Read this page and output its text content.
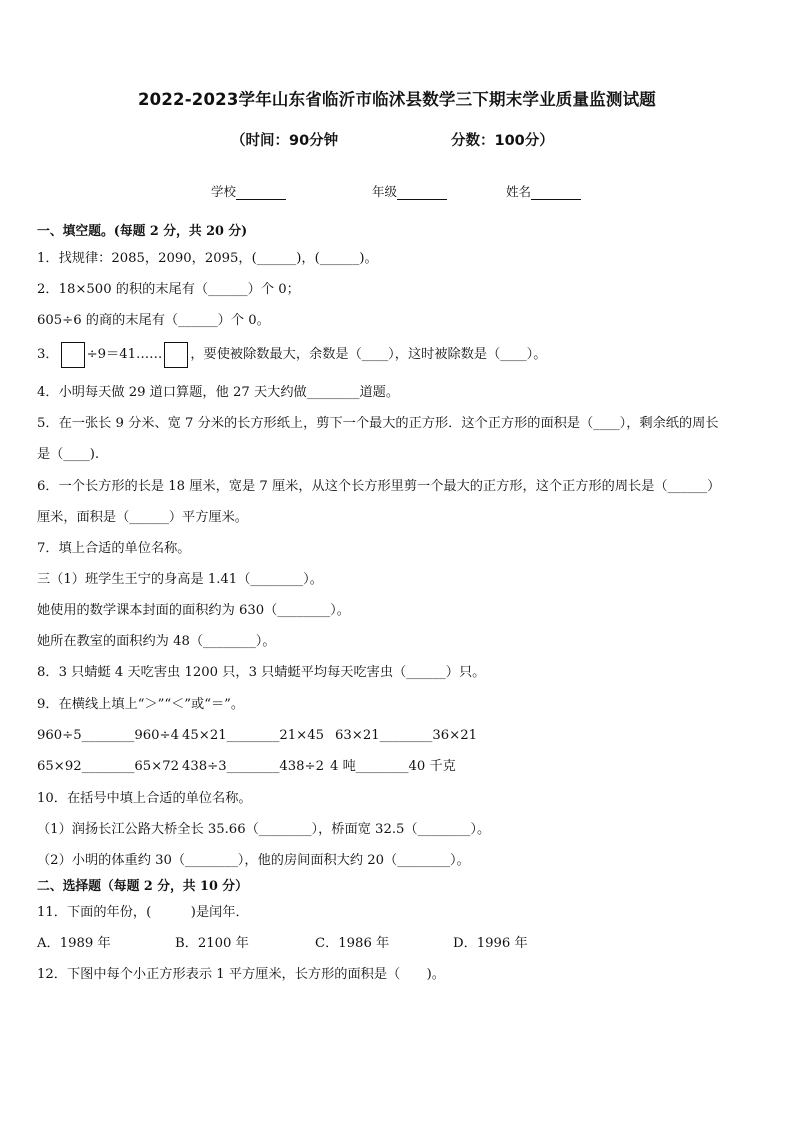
2022-2023学年山东省临沂市临沭县数学三下期末学业质量监测试题
（时间：90分钟	分数：100分）
学校	年级	姓名
一、填空题。(每题 2 分，共 20 分)
1．找规律：2085，2090，2095，(______)，(______)。
2．18×500 的积的末尾有（______）个 0；
605÷6 的商的末尾有（______）个 0。
3． ÷9＝41…… ，要使被除数最大，余数是（____），这时被除数是（____）。
4．小明每天做 29 道口算题，他 27 天大约做________道题。
5．在一张长 9 分米、宽 7 分米的长方形纸上，剪下一个最大的正方形．这个正方形的面积是（____），剩余纸的周长
是（____).
6．一个长方形的长是 18 厘米，宽是 7 厘米，从这个长方形里剪一个最大的正方形，这个正方形的周长是（______）
厘米，面积是（______）平方厘米。
7．填上合适的单位名称。
三（1）班学生王宁的身高是 1.41（________）。
她使用的数学课本封面的面积约为 630（________）。
她所在教室的面积约为 48（________）。
8．3 只蜻蜓 4 天吃害虫 1200 只，3 只蜻蜓平均每天吃害虫（______）只。
9．在横线上填上“＞”“＜”或“＝”。
960÷5________960÷4 45×21________21×45 63×21________36×21
65×92________65×72 438÷3________438÷2 4 吨________40 千克
10．在括号中填上合适的单位名称。
（1）润扬长江公路大桥全长 35.66（________），桥面宽 32.5（________）。
（2）小明的体重约 30（________），他的房间面积大约 20（________）。
二、选择题（每题 2 分，共 10 分）
11．下面的年份，(　　　)是闰年．
A．1989 年	B．2100 年	C．1986 年	D．1996 年
12．下图中每个小正方形表示 1 平方厘米，长方形的面积是（　　)。
